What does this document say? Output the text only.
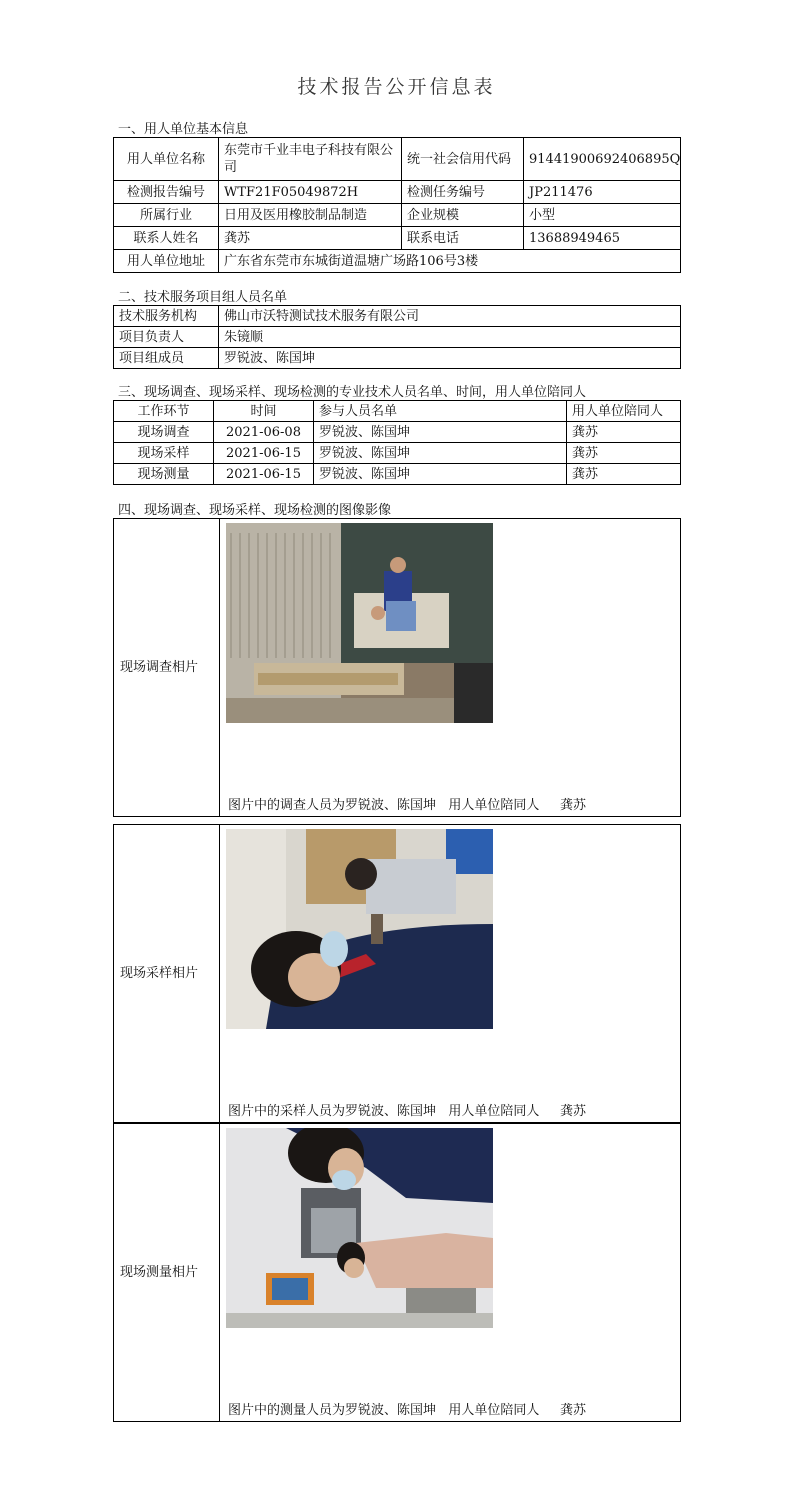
技术报告公开信息表
一、用人单位基本信息
用人单位名称	东莞市千业丰电子科技有限公司	统一社会信用代码	91441900692406895Q
检测报告编号	WTF21F05049872H	检测任务编号	JP211476
所属行业	日用及医用橡胶制品制造	企业规模	小型
联系人姓名	龚苏	联系电话	13688949465
用人单位地址	广东省东莞市东城街道温塘广场路106号3楼		
二、技术服务项目组人员名单
技术服务机构	佛山市沃特测试技术服务有限公司
项目负责人	朱镜顺
项目组成员	罗锐波、陈国坤
三、现场调查、现场采样、现场检测的专业技术人员名单、时间，用人单位陪同人
工作环节	时间	参与人员名单	用人单位陪同人
现场调查	2021-06-08	罗锐波、陈国坤	龚苏
现场采样	2021-06-15	罗锐波、陈国坤	龚苏
现场测量	2021-06-15	罗锐波、陈国坤	龚苏
四、现场调查、现场采样、现场检测的图像影像
现场调查相片	
图片中的调查人员为罗锐波、陈国坤   用人单位陪同人     龚苏
现场采样相片	
图片中的采样人员为罗锐波、陈国坤   用人单位陪同人     龚苏
现场测量相片	
图片中的测量人员为罗锐波、陈国坤   用人单位陪同人     龚苏
